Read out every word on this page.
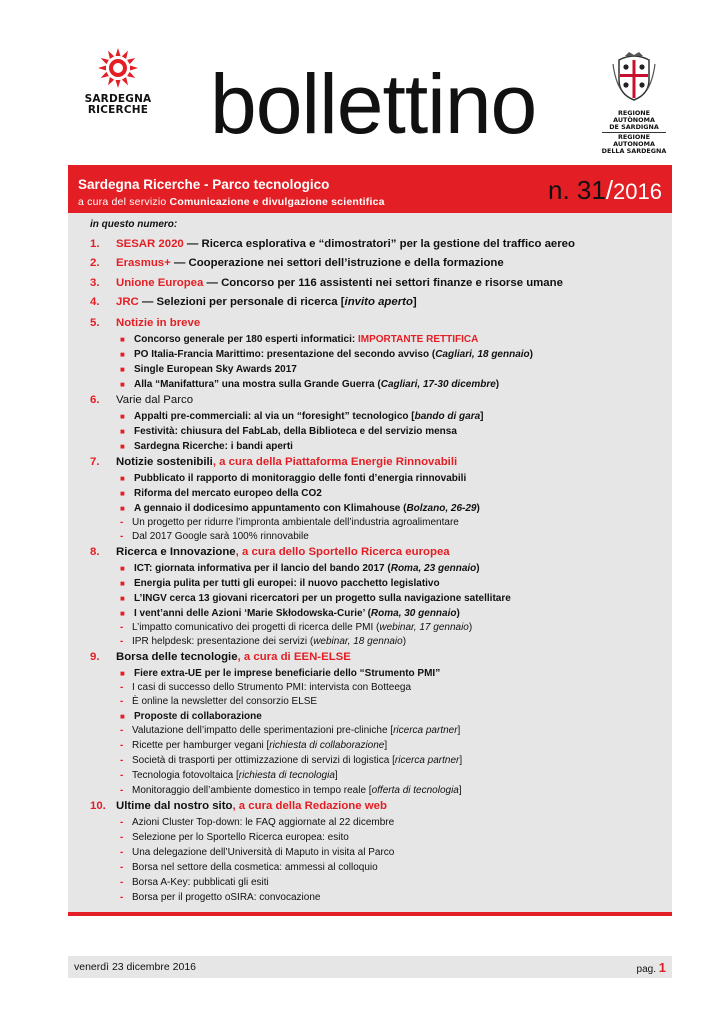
SARDEGNA
RICERCHE bollettino	REGIONE AUTÒNOMA
DE SARDIGNA
REGIONE AUTONOMA
DELLA SARDEGNA
Sardegna Ricerche - Parco tecnologico
a cura del servizio Comunicazione e divulgazione scientifica	n. 31/2016
in questo numero:
1. SESAR 2020 — Ricerca esplorativa e “dimostratori” per la gestione del traffico aereo
2. Erasmus+ — Cooperazione nei settori dell’istruzione e della formazione
3. Unione Europea — Concorso per 116 assistenti nei settori finanze e risorse umane
4. JRC — Selezioni per personale di ricerca [invito aperto]
5. Notizie in breve
■ Concorso generale per 180 esperti informatici: IMPORTANTE RETTIFICA
■ PO Italia-Francia Marittimo: presentazione del secondo avviso (Cagliari, 18 gennaio)
■ Single European Sky Awards 2017
■ Alla “Manifattura” una mostra sulla Grande Guerra (Cagliari, 17-30 dicembre)
6. Varie dal Parco
■ Appalti pre-commerciali: al via un “foresight” tecnologico [bando di gara]
■ Festività: chiusura del FabLab, della Biblioteca e del servizio mensa
■ Sardegna Ricerche: i bandi aperti
7. Notizie sostenibili, a cura della Piattaforma Energie Rinnovabili
■ Pubblicato il rapporto di monitoraggio delle fonti d’energia rinnovabili
■ Riforma del mercato europeo della CO2
■ A gennaio il dodicesimo appuntamento con Klimahouse (Bolzano, 26-29)
- Un progetto per ridurre l’impronta ambientale dell’industria agroalimentare
- Dal 2017 Google sarà 100% rinnovabile
8. Ricerca e Innovazione, a cura dello Sportello Ricerca europea
■ ICT: giornata informativa per il lancio del bando 2017 (Roma, 23 gennaio)
■ Energia pulita per tutti gli europei: il nuovo pacchetto legislativo
■ L’INGV cerca 13 giovani ricercatori per un progetto sulla navigazione satellitare
■ I vent’anni delle Azioni ‘Marie Skłodowska-Curie’ (Roma, 30 gennaio)
- L’impatto comunicativo dei progetti di ricerca delle PMI (webinar, 17 gennaio)
- IPR helpdesk: presentazione dei servizi (webinar, 18 gennaio)
9. Borsa delle tecnologie, a cura di EEN-ELSE
■ Fiere extra-UE per le imprese beneficiarie dello “Strumento PMI”
- I casi di successo dello Strumento PMI: intervista con Botteega
- È online la newsletter del consorzio ELSE
■ Proposte di collaborazione
- Valutazione dell’impatto delle sperimentazioni pre-cliniche [ricerca partner]
- Ricette per hamburger vegani [richiesta di collaborazione]
- Società di trasporti per ottimizzazione di servizi di logistica [ricerca partner]
- Tecnologia fotovoltaica [richiesta di tecnologia]
- Monitoraggio dell’ambiente domestico in tempo reale [offerta di tecnologia]
10. Ultime dal nostro sito, a cura della Redazione web
- Azioni Cluster Top-down: le FAQ aggiornate al 22 dicembre
- Selezione per lo Sportello Ricerca europea: esito
- Una delegazione dell’Università di Maputo in visita al Parco
- Borsa nel settore della cosmetica: ammessi al colloquio
- Borsa A-Key: pubblicati gli esiti
- Borsa per il progetto oSIRA: convocazione
venerdì 23 dicembre 2016	pag. 1
